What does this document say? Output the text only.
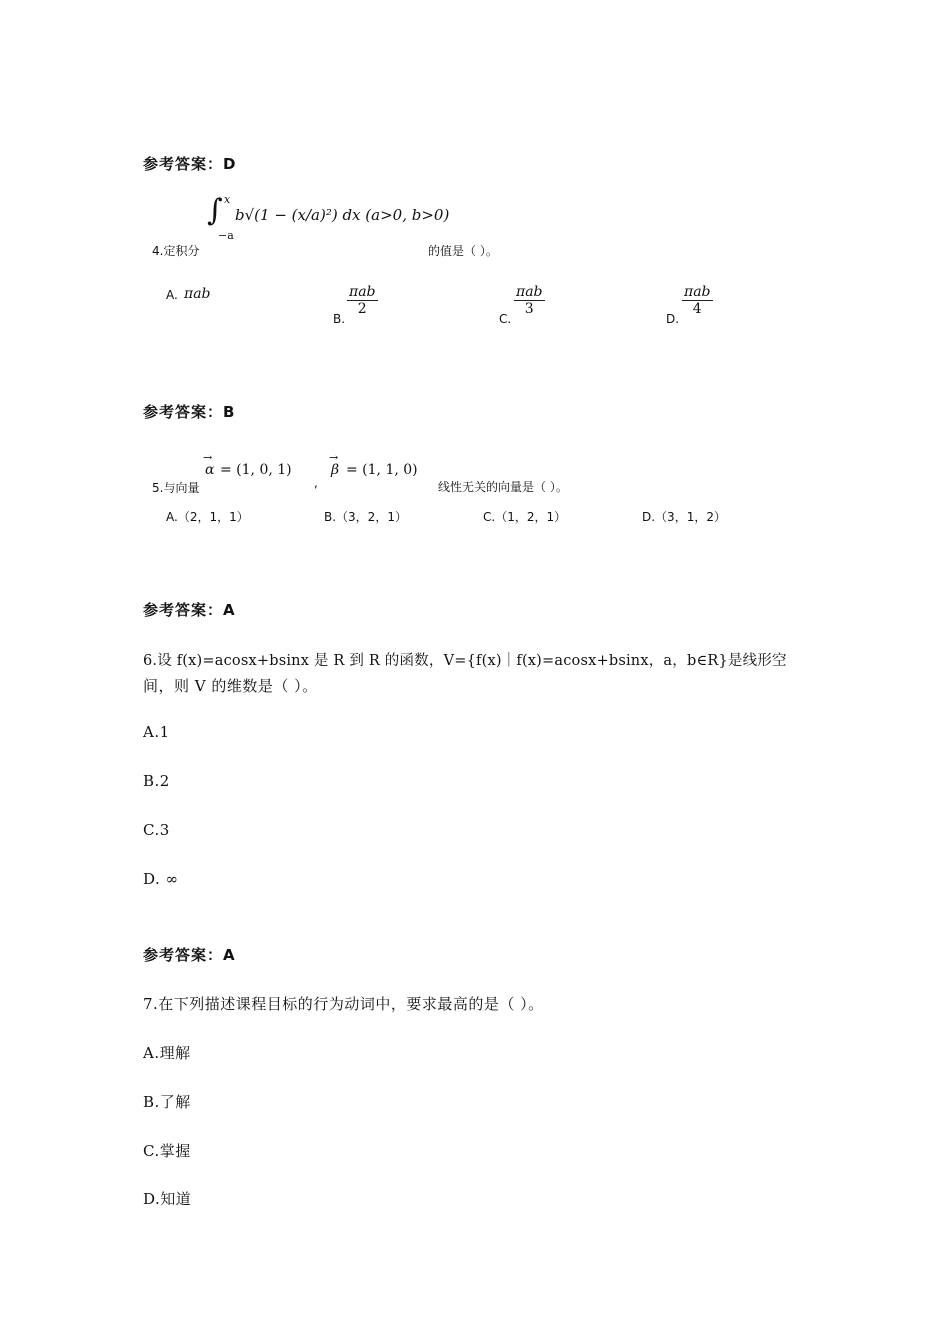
参考答案：D
∫ x
−a
b√(1 − (x/a)²) dx (a>0, b>0)
4.定积分	的值是（ ）。
A. πab
B.
πab
2
C.
πab
3
D.
πab
4
参考答案：B
→ α = (1, 0, 1)
,
→ β = (1, 1, 0)
5.与向量	线性无关的向量是（ ）。
A.（2，1，1）	B.（3，2，1）	C.（1，2，1）	D.（3，1，2）
参考答案：A
6.设 f(x)=acosx+bsinx 是 R 到 R 的函数，V={f(x)｜f(x)=acosx+bsinx，a，b∈R}是线形空
间，则 V 的维数是（ ）。
A.1
B.2
C.3
D. ∞
参考答案：A
7.在下列描述课程目标的行为动词中，要求最高的是（ ）。
A.理解
B.了解
C.掌握
D.知道
